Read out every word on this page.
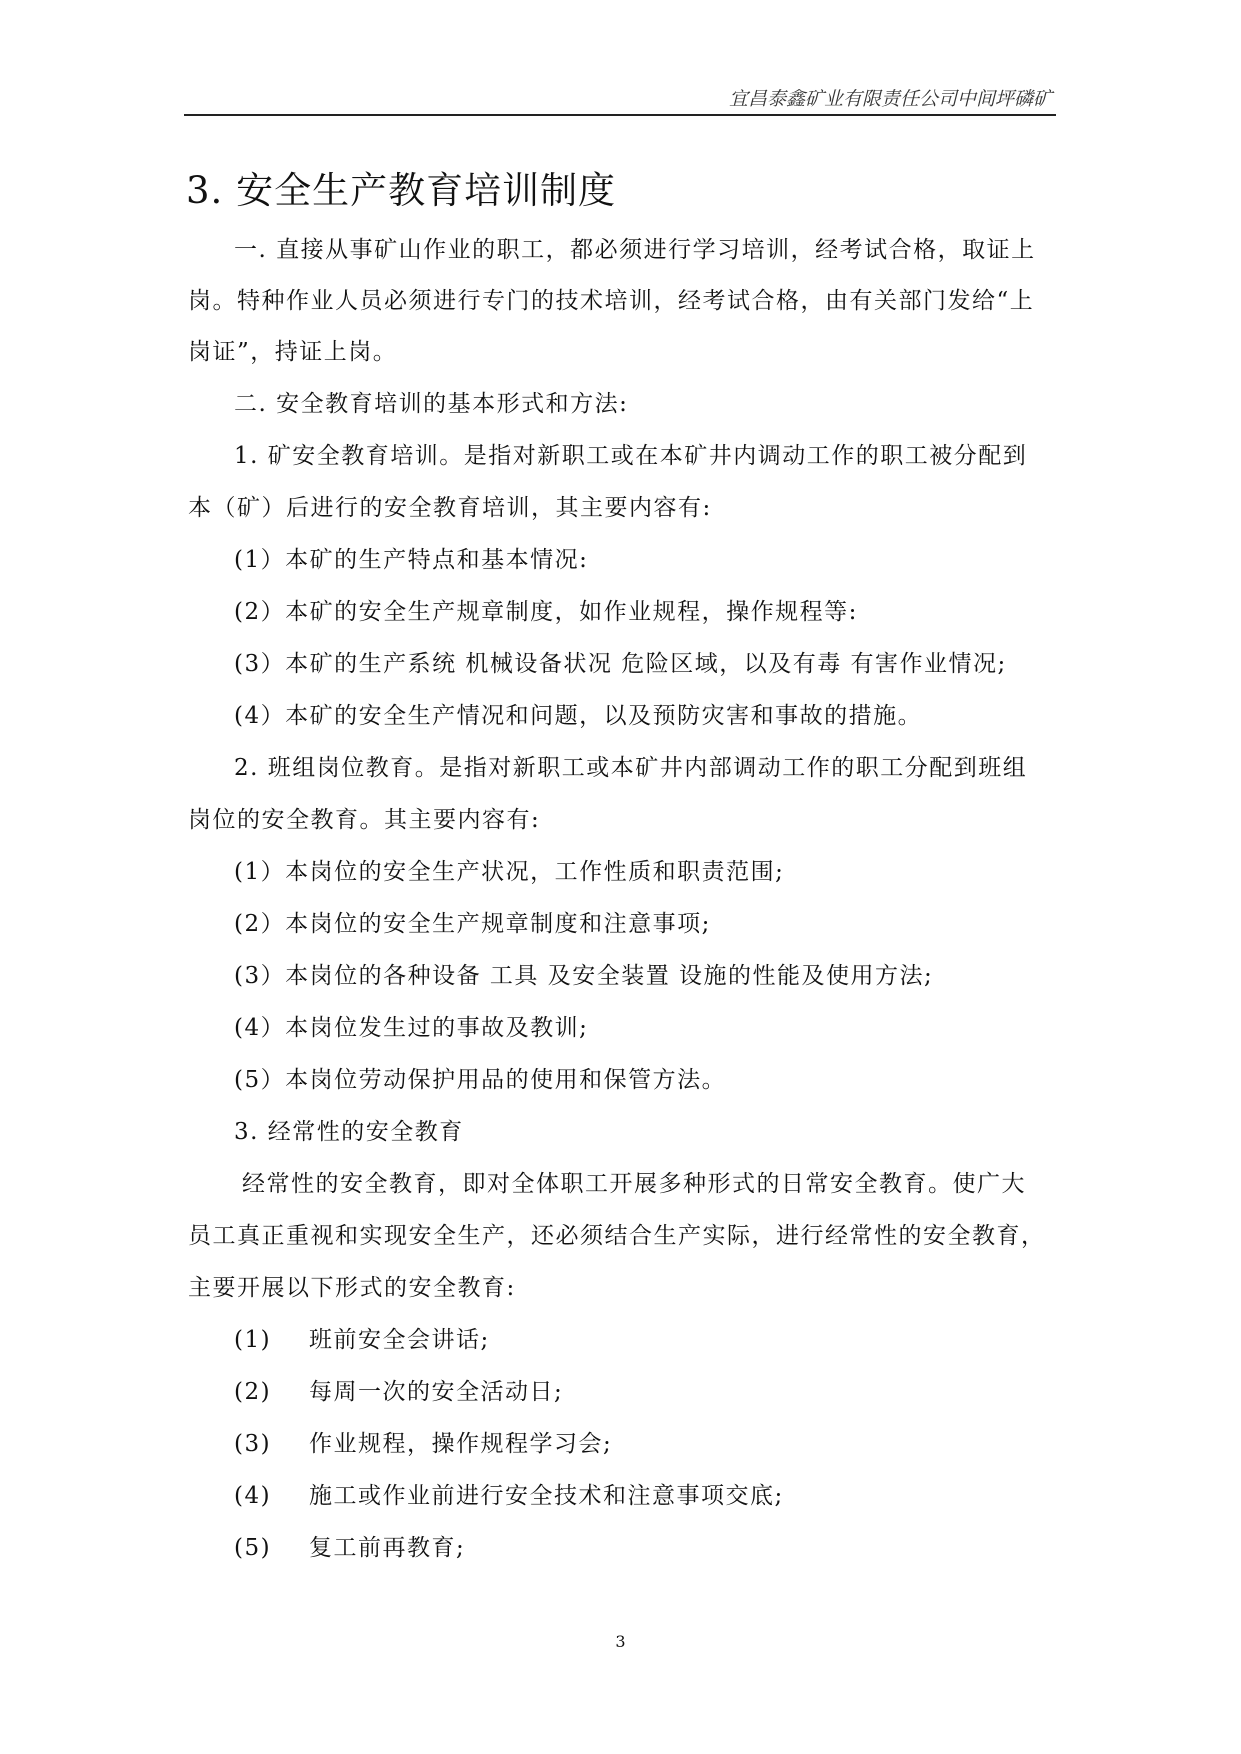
宜昌泰鑫矿业有限责任公司中间坪磷矿
3. 安全生产教育培训制度
一. 直接从事矿山作业的职工，都必须进行学习培训，经考试合格，取证上
岗。特种作业人员必须进行专门的技术培训，经考试合格，由有关部门发给“上
岗证”，持证上岗。
二. 安全教育培训的基本形式和方法:
1. 矿安全教育培训。是指对新职工或在本矿井内调动工作的职工被分配到
本（矿）后进行的安全教育培训，其主要内容有:
(1）本矿的生产特点和基本情况:
(2）本矿的安全生产规章制度，如作业规程，操作规程等:
(3）本矿的生产系统 机械设备状况 危险区域，以及有毒 有害作业情况;
(4）本矿的安全生产情况和问题，以及预防灾害和事故的措施。
2. 班组岗位教育。是指对新职工或本矿井内部调动工作的职工分配到班组
岗位的安全教育。其主要内容有:
(1）本岗位的安全生产状况，工作性质和职责范围;
(2）本岗位的安全生产规章制度和注意事项;
(3）本岗位的各种设备 工具 及安全装置 设施的性能及使用方法;
(4）本岗位发生过的事故及教训;
(5）本岗位劳动保护用品的使用和保管方法。
3. 经常性的安全教育
经常性的安全教育，即对全体职工开展多种形式的日常安全教育。使广大
员工真正重视和实现安全生产，还必须结合生产实际，进行经常性的安全教育，
主要开展以下形式的安全教育:
(1) 班前安全会讲话;
(2) 每周一次的安全活动日;
(3) 作业规程，操作规程学习会;
(4) 施工或作业前进行安全技术和注意事项交底;
(5) 复工前再教育;
3
